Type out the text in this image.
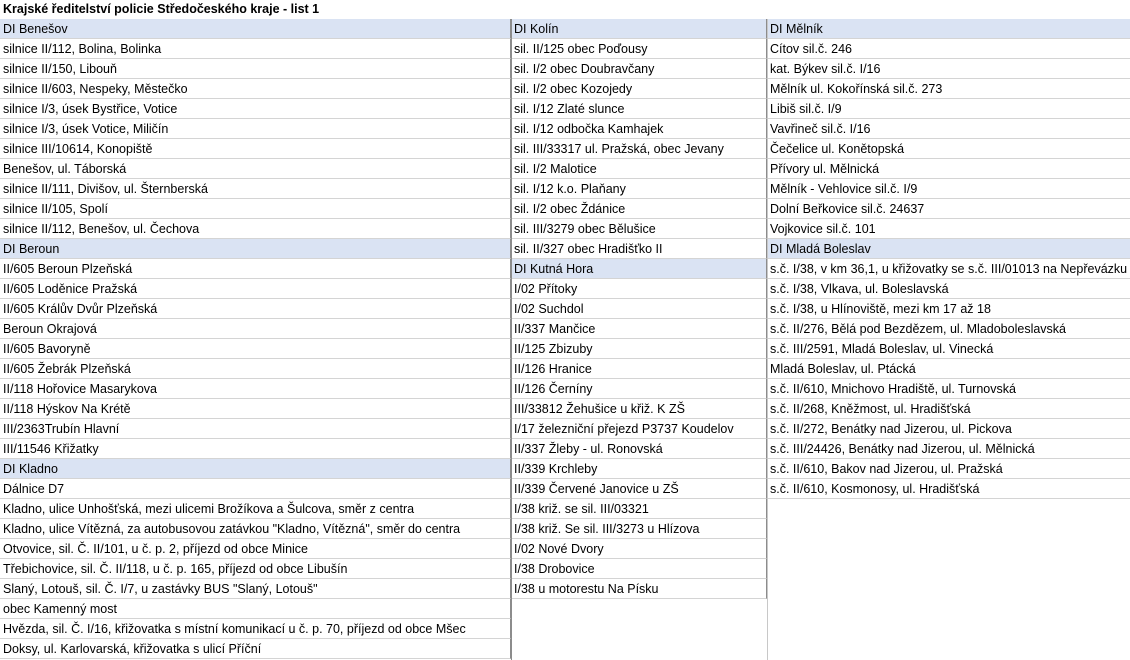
Krajské ředitelství policie Středočeského kraje - list 1
DI Benešov
silnice II/112, Bolina, Bolinka
silnice II/150, Libouň
silnice II/603, Nespeky, Městečko
silnice I/3, úsek Bystřice, Votice
silnice I/3, úsek Votice, Miličín
silnice III/10614, Konopiště
Benešov, ul. Táborská
silnice II/111, Divišov, ul. Šternberská
silnice II/105, Spolí
silnice II/112, Benešov, ul. Čechova
DI Beroun
II/605 Beroun Plzeňská
II/605 Loděnice Pražská
II/605 Králův Dvůr Plzeňská
Beroun Okrajová
II/605 Bavoryně
II/605 Žebrák Plzeňská
II/118 Hořovice Masarykova
II/118 Hýskov Na Krétě
III/2363Trubín Hlavní
III/11546 Křižatky
DI Kladno
Dálnice D7
Kladno, ulice Unhošťská, mezi ulicemi Brožíkova a Šulcova, směr z centra
Kladno, ulice Vítězná, za autobusovou zatávkou "Kladno, Vítězná", směr do centra
Otvovice, sil. Č. II/101, u č. p. 2, příjezd od obce Minice
Třebichovice, sil. Č. II/118, u č. p. 165, příjezd od obce Libušín
Slaný, Lotouš, sil. Č. I/7, u zastávky BUS "Slaný, Lotouš"
obec Kamenný most
Hvězda, sil. Č. I/16, křižovatka s místní komunikací u č. p. 70, příjezd od obce Mšec
Doksy, ul. Karlovarská, křižovatka s ulicí Příční
DI Kolín
sil. II/125 obec Poďousy
sil. I/2 obec Doubravčany
sil. I/2 obec Kozojedy
sil. I/12 Zlaté slunce
sil. I/12 odbočka Kamhajek
sil. III/33317 ul. Pražská, obec Jevany
sil. I/2 Malotice
sil. I/12 k.o. Plaňany
sil. I/2 obec Ždánice
sil. III/3279 obec Bělušice
sil. II/327 obec Hradišťko II
DI Kutná Hora
I/02 Přítoky
I/02 Suchdol
II/337 Mančice
II/125 Zbizuby
II/126 Hranice
II/126 Černíny
III/33812 Žehušice u křiž. K ZŠ
I/17 železniční přejezd P3737 Koudelov
II/337 Žleby - ul. Ronovská
II/339 Krchleby
II/339 Červené Janovice u ZŠ
I/38 križ. se sil. III/03321
I/38 križ. Se sil. III/3273 u Hlízova
I/02 Nové Dvory
I/38 Drobovice
I/38 u motorestu Na Písku
DI Mělník
Cítov sil.č. 246
kat. Býkev sil.č. I/16
Mělník ul. Kokořínská sil.č. 273
Libiš sil.č. I/9
Vavřineč sil.č. I/16
Čečelice ul. Konětopská
Přívory ul. Mělnická
Mělník - Vehlovice sil.č. I/9
Dolní Beřkovice sil.č. 24637
Vojkovice sil.č. 101
DI Mladá Boleslav
s.č. I/38, v km 36,1, u křižovatky se s.č. III/01013 na Nepřevázku
s.č. I/38, Vlkava, ul. Boleslavská
s.č. I/38, u Hlínoviště, mezi km 17 až 18
s.č. II/276, Bělá pod Bezdězem, ul. Mladoboleslavská
s.č. III/2591, Mladá Boleslav, ul. Vinecká
Mladá Boleslav, ul. Ptácká
s.č. II/610, Mnichovo Hradiště, ul. Turnovská
s.č. II/268, Kněžmost, ul. Hradišťská
s.č. II/272, Benátky nad Jizerou, ul. Pickova
s.č. III/24426, Benátky nad Jizerou, ul. Mělnická
s.č. II/610, Bakov nad Jizerou, ul. Pražská
s.č. II/610, Kosmonosy, ul. Hradišťská
